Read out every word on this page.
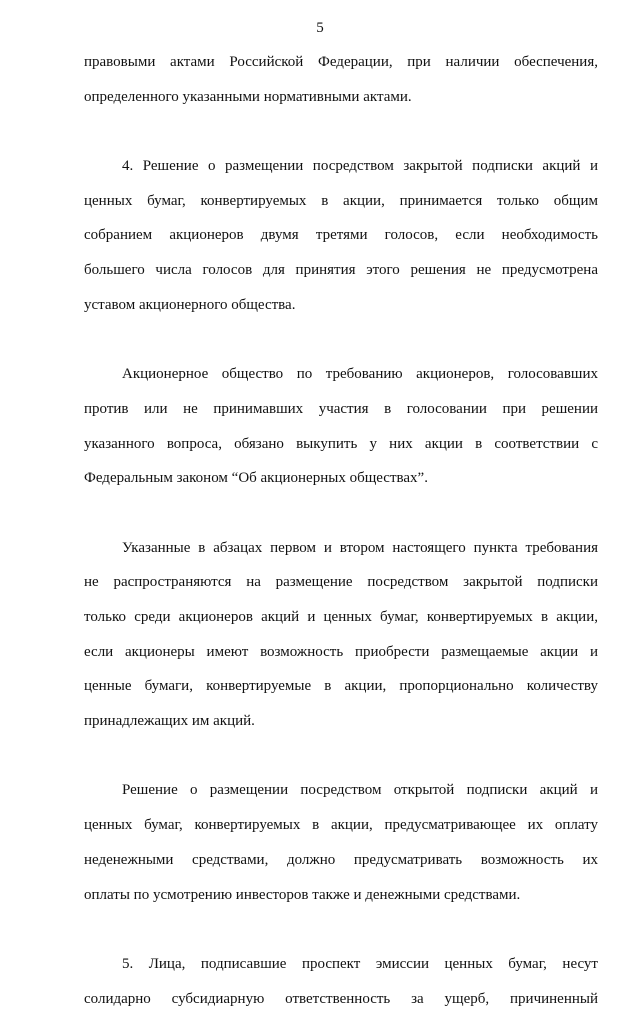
5
правовыми актами Российской Федерации, при наличии обеспечения,
определенного указанными нормативными актами.
4. Решение о размещении посредством закрытой подписки акций и
ценных бумаг, конвертируемых в акции, принимается только общим
собранием акционеров двумя третями голосов, если необходимость
большего числа голосов для принятия этого решения не предусмотрена
уставом акционерного общества.
Акционерное общество по требованию акционеров, голосовавших
против или не принимавших участия в голосовании при решении
указанного вопроса, обязано выкупить у них акции в соответствии с
Федеральным законом “Об акционерных обществах”.
Указанные в абзацах первом и втором настоящего пункта требования
не распространяются на размещение посредством закрытой подписки
только среди акционеров акций и ценных бумаг, конвертируемых в акции,
если акционеры имеют возможность приобрести размещаемые акции и
ценные бумаги, конвертируемые в акции, пропорционально количеству
принадлежащих им акций.
Решение о размещении посредством открытой подписки акций и
ценных бумаг, конвертируемых в акции, предусматривающее их оплату
неденежными средствами, должно предусматривать возможность их
оплаты по усмотрению инвесторов также и денежными средствами.
5. Лица, подписавшие проспект эмиссии ценных бумаг, несут
солидарно субсидиарную ответственность за ущерб, причиненный
